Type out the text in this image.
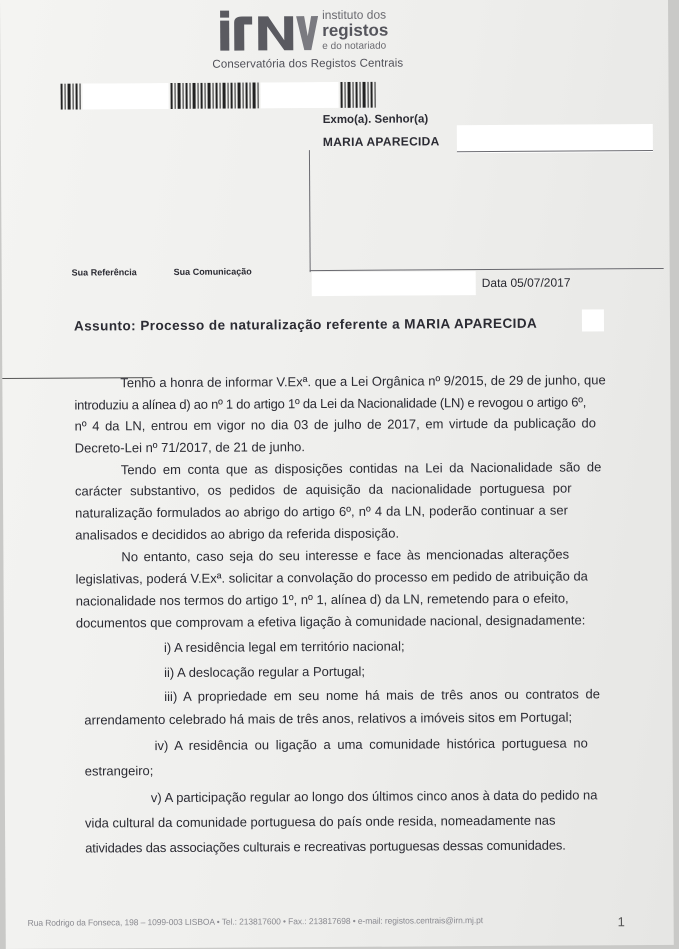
instituto dos
registos
e do notariado
Conservatória dos Registos Centrais
Exmo(a). Senhor(a)
MARIA APARECIDA
Sua Referência	Sua Comunicação
Data 05/07/2017
Assunto: Processo de naturalização referente a MARIA APARECIDA
Tenho a honra de informar V.Exª. que a Lei Orgânica nº 9/2015, de 29 de junho, que
introduziu a alínea d) ao nº 1 do artigo 1º da Lei da Nacionalidade (LN) e revogou o artigo 6º,
nº 4 da LN, entrou em vigor no dia 03 de julho de 2017, em virtude da publicação do
Decreto-Lei nº 71/2017, de 21 de junho.
Tendo em conta que as disposições contidas na Lei da Nacionalidade são de
carácter substantivo, os pedidos de aquisição da nacionalidade portuguesa por
naturalização formulados ao abrigo do artigo 6º, nº 4 da LN, poderão continuar a ser
analisados e decididos ao abrigo da referida disposição.
No entanto, caso seja do seu interesse e face às mencionadas alterações
legislativas, poderá V.Exª. solicitar a convolação do processo em pedido de atribuição da
nacionalidade nos termos do artigo 1º, nº 1, alínea d) da LN, remetendo para o efeito,
documentos que comprovam a efetiva ligação à comunidade nacional, designadamente:
i) A residência legal em território nacional;
ii) A deslocação regular a Portugal;
iii) A propriedade em seu nome há mais de três anos ou contratos de
arrendamento celebrado há mais de três anos, relativos a imóveis sitos em Portugal;
iv) A residência ou ligação a uma comunidade histórica portuguesa no
estrangeiro;
v) A participação regular ao longo dos últimos cinco anos à data do pedido na
vida cultural da comunidade portuguesa do país onde resida, nomeadamente nas
atividades das associações culturais e recreativas portuguesas dessas comunidades.
Rua Rodrigo da Fonseca, 198 – 1099-003 LISBOA • Tel.: 213817600 • Fax.: 213817698 • e-mail: registos.centrais@irn.mj.pt	1
